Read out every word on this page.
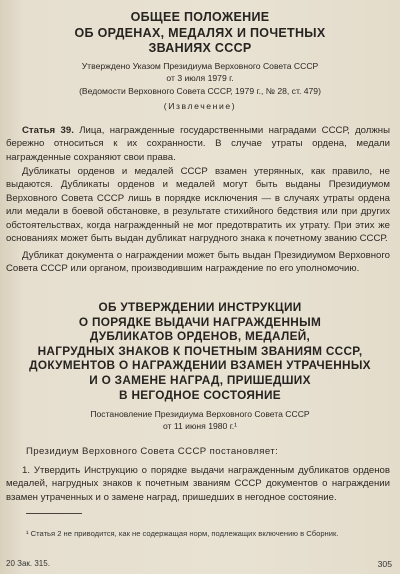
ОБЩЕЕ ПОЛОЖЕНИЕ
ОБ ОРДЕНАХ, МЕДАЛЯХ И ПОЧЕТНЫХ
ЗВАНИЯХ СССР
Утверждено Указом Президиума Верховного Совета СССР
от 3 июля 1979 г.
(Ведомости Верховного Совета СССР, 1979 г., № 28, ст. 479)
(Извлечение)
Статья 39. Лица, награжденные государственными наградами СССР, должны бережно относиться к их сохранности. В случае утраты ордена, медали награжденные сохраняют свои права.
Дубликаты орденов и медалей СССР взамен утерянных, как правило, не выдаются. Дубликаты орденов и медалей могут быть выданы Президиумом Верховного Совета СССР лишь в порядке исключения — в случаях утраты ордена или медали в боевой обстановке, в результате стихийного бедствия или при других обстоятельствах, когда награжденный не мог предотвратить их утрату. При этих же основаниях может быть выдан дубликат нагрудного знака к почетному званию СССР.
Дубликат документа о награждении может быть выдан Президиумом Верховного Совета СССР или органом, производившим награждение по его уполномочию.
ОБ УТВЕРЖДЕНИИ ИНСТРУКЦИИ
О ПОРЯДКЕ ВЫДАЧИ НАГРАЖДЕННЫМ
ДУБЛИКАТОВ ОРДЕНОВ, МЕДАЛЕЙ,
НАГРУДНЫХ ЗНАКОВ К ПОЧЕТНЫМ ЗВАНИЯМ СССР,
ДОКУМЕНТОВ О НАГРАЖДЕНИИ ВЗАМЕН УТРАЧЕННЫХ
И О ЗАМЕНЕ НАГРАД, ПРИШЕДШИХ
В НЕГОДНОЕ СОСТОЯНИЕ
Постановление Президиума Верховного Совета СССР
от 11 июня 1980 г.¹
Президиум Верховного Совета СССР постановляет:
1. Утвердить Инструкцию о порядке выдачи награжденным дубликатов орденов медалей, нагрудных знаков к почетным званиям СССР документов о награждении взамен утраченных и о замене наград, пришедших в негодное состояние.
¹ Статья 2 не приводится, как не содержащая норм, подлежащих включению в Сборник.
20 Зак. 315.	305
